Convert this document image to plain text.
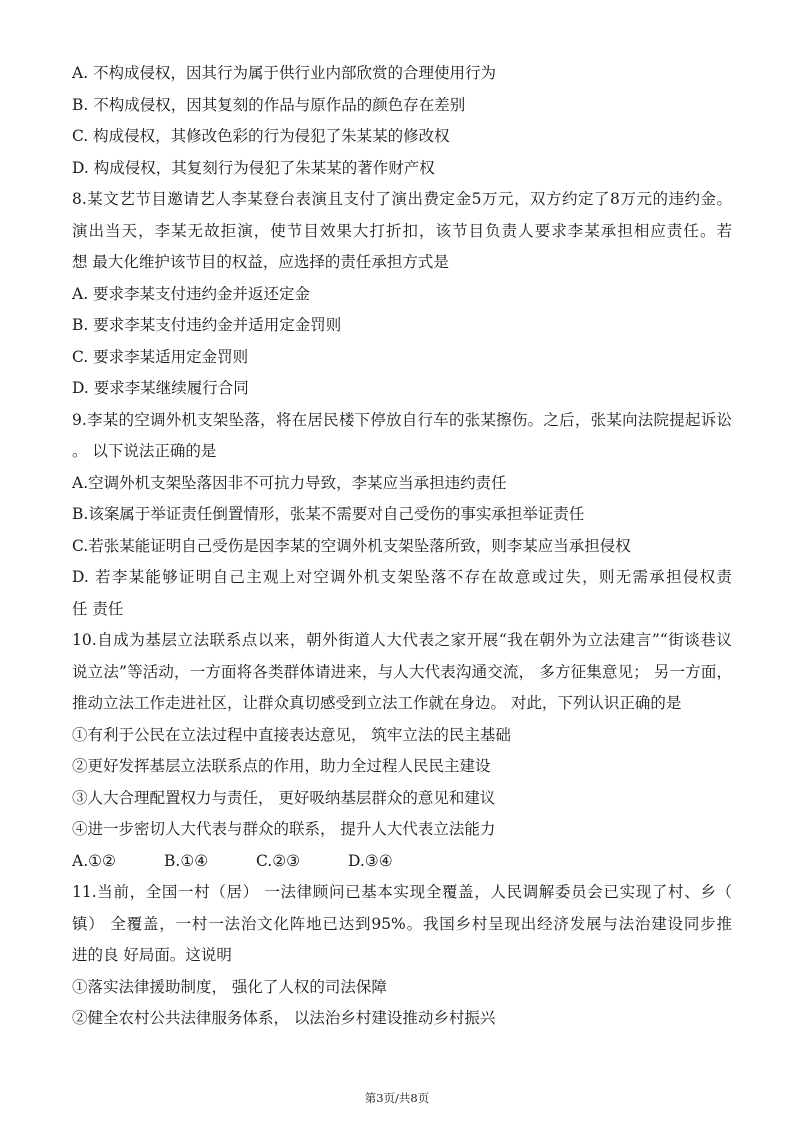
A. 不构成侵权，因其行为属于供行业内部欣赏的合理使用行为
B. 不构成侵权，因其复刻的作品与原作品的颜色存在差别
C. 构成侵权，其修改色彩的行为侵犯了朱某某的修改权
D. 构成侵权，其复刻行为侵犯了朱某某的著作财产权
8.某文艺节目邀请艺人李某登台表演且支付了演出费定金5万元，双方约定了8万元的违约金。
演出当天，李某无故拒演，使节目效果大打折扣，该节目负责人要求李某承担相应责任。若
想 最大化维护该节目的权益，应选择的责任承担方式是
A. 要求李某支付违约金并返还定金
B. 要求李某支付违约金并适用定金罚则
C. 要求李某适用定金罚则
D. 要求李某继续履行合同
9.李某的空调外机支架坠落，将在居民楼下停放自行车的张某擦伤。之后，张某向法院提起诉讼
。 以下说法正确的是
A.空调外机支架坠落因非不可抗力导致，李某应当承担违约责任
B.该案属于举证责任倒置情形，张某不需要对自己受伤的事实承担举证责任
C.若张某能证明自己受伤是因李某的空调外机支架坠落所致，则李某应当承担侵权
D. 若李某能够证明自己主观上对空调外机支架坠落不存在故意或过失，则无需承担侵权责
任 责任
10.自成为基层立法联系点以来，朝外街道人大代表之家开展“我在朝外为立法建言”“街谈巷议
说立法”等活动，一方面将各类群体请进来，与人大代表沟通交流， 多方征集意见； 另一方面，
推动立法工作走进社区，让群众真切感受到立法工作就在身边。 对此，下列认识正确的是
①有利于公民在立法过程中直接表达意见， 筑牢立法的民主基础
②更好发挥基层立法联系点的作用，助力全过程人民民主建设
③人大合理配置权力与责任， 更好吸纳基层群众的意见和建议
④进一步密切人大代表与群众的联系， 提升人大代表立法能力
A.①②	B.①④	C.②③	D.③④
11.当前，全国一村（居） 一法律顾问已基本实现全覆盖，人民调解委员会已实现了村、乡（
镇） 全覆盖，一村一法治文化阵地已达到95%。我国乡村呈现出经济发展与法治建设同步推
进的良 好局面。这说明
①落实法律援助制度， 强化了人权的司法保障
②健全农村公共法律服务体系， 以法治乡村建设推动乡村振兴
第3页/共8页
